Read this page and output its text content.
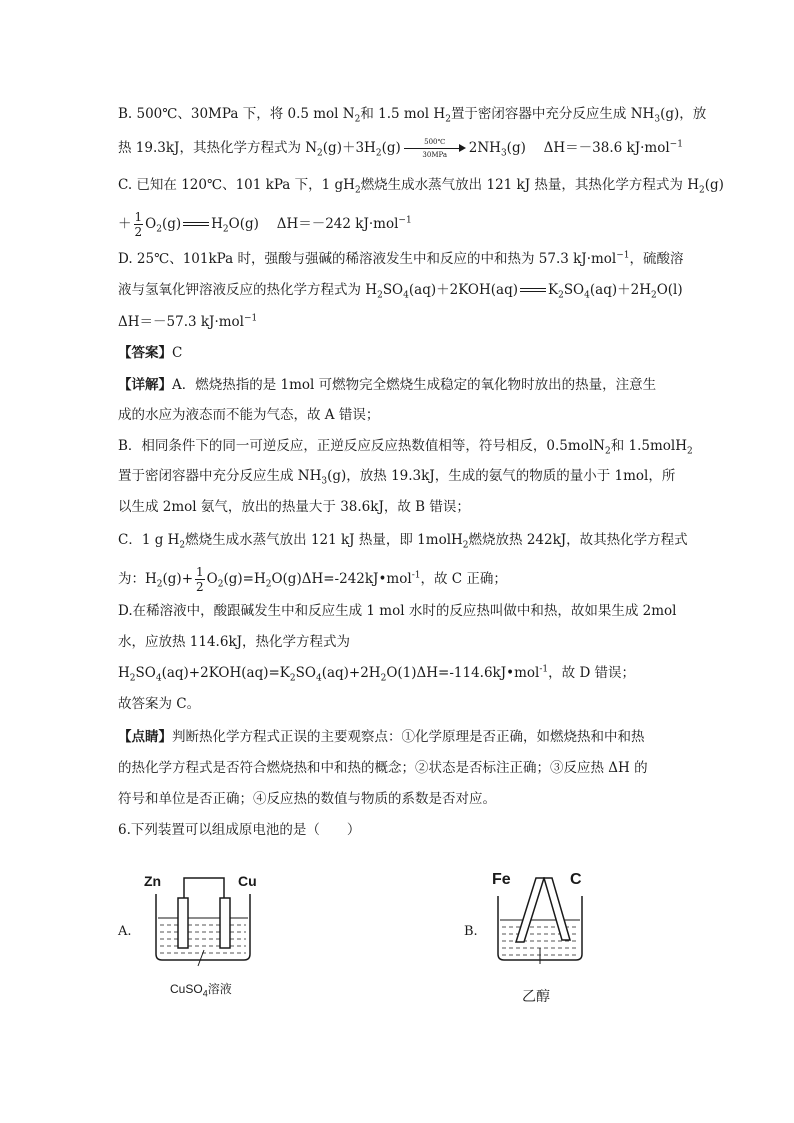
B. 500℃、30MPa 下，将 0.5 mol $N_2$和 1.5 mol $H_2$置于密闭容器中充分反应生成 $NH_3(g)$，放
热 19.3kJ，其热化学方程式为 $N_2(g)+3H_2(g)$	500℃
30MPa	$2NH_3(g)$　 ΔH＝－38.6 kJ·mol$^{-1}$
C. 已知在 120℃、101 kPa 下，1 $gH_2$燃烧生成水蒸气放出 121 kJ 热量，其热化学方程式为 $H_2(g)$
＋ $\frac{1}{2} O_2(g)$ $H_2O(g)$　 ΔH＝－242 kJ·mol$^{-1}$
D. 25℃、101kPa 时，强酸与强碱的稀溶液发生中和反应的中和热为 57.3 kJ·mol$^{-1}$，硫酸溶
液与氢氧化钾溶液反应的热化学方程式为 $H_2SO_4(aq)+2KOH(aq)$ $K_2SO_4(aq)+2H_2O(l)$
ΔH＝－57.3 kJ·mol$^{-1}$
【答案】C
【详解】A．燃烧热指的是 1mol 可燃物完全燃烧生成稳定的氧化物时放出的热量，注意生
成的水应为液态而不能为气态，故 A 错误；
B．相同条件下的同一可逆反应，正逆反应反应热数值相等，符号相反，0.5molN$_2$和 1.5molH$_2$
置于密闭容器中充分反应生成 $NH_3(g)$，放热 19.3kJ，生成的氨气的物质的量小于 1mol，所
以生成 2mol 氨气，放出的热量大于 38.6kJ，故 B 错误；
C．1 g $H_2$燃烧生成水蒸气放出 121 kJ 热量，即 1molH$_2$燃烧放热 242kJ，故其热化学方程式
为：$H_2(g)+ \frac{1}{2}$ $O_2(g)=H_2O(g)\Delta H=-242kJ•mol^{-1}$，故 C 正确；
D.在稀溶液中，酸跟碱发生中和反应生成 1 mol 水时的反应热叫做中和热，故如果生成 2mol
水，应放热 114.6kJ，热化学方程式为
$H_2SO_4(aq)+2KOH(aq)=K_2SO_4(aq)+2H_2O(1)\Delta H=-114.6kJ•mol^{-1}$，故 D 错误；
故答案为 C。
【点睛】判断热化学方程式正误的主要观察点：①化学原理是否正确，如燃烧热和中和热
的热化学方程式是否符合燃烧热和中和热的概念；②状态是否标注正确；③反应热 ΔH 的
符号和单位是否正确；④反应热的数值与物质的系数是否对应。
6.下列装置可以组成原电池的是（　　）
A.
Zn	Cu
CuSO$_4$溶液
B.
Fe	C
乙醇
